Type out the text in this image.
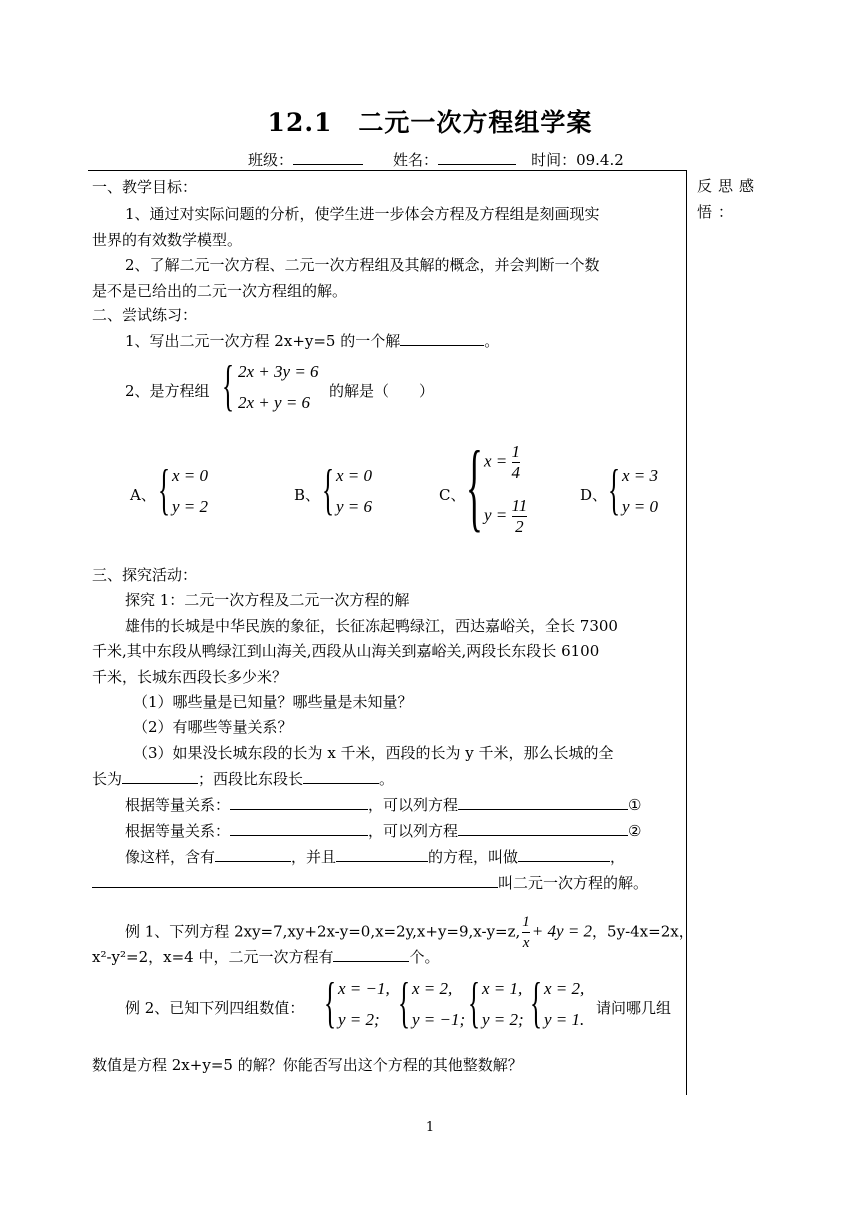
12.1　二元一次方程组学案
班级：　　	姓名：　	时间：09.4.2
反思感悟：
一、教学目标：
1、通过对实际问题的分析，使学生进一步体会方程及方程组是刻画现实
世界的有效数学模型。
2、了解二元一次方程、二元一次方程组及其解的概念，并会判断一个数
是不是已给出的二元一次方程组的解。
二、尝试练习：
1、写出二元一次方程 2x+y=5 的一个解	。
2、是方程组 { 2x + 3y = 6
2x + y = 6
的解是（　　）
A、 { x = 0
y = 2
B、 { x = 0
y = 6
C、 { $x = \frac{1}{4}$
$y = \frac{11}{2}$
D、 { x = 3
y = 0
三、探究活动：
探究 1：二元一次方程及二元一次方程的解
雄伟的长城是中华民族的象征，长征冻起鸭绿江，西达嘉峪关，全长 7300
千米,其中东段从鸭绿江到山海关,西段从山海关到嘉峪关,两段长东段长 6100
千米，长城东西段长多少米？
（1）哪些量是已知量？哪些量是未知量？
（2）有哪些等量关系？
（3）如果没长城东段的长为 x 千米，西段的长为 y 千米，那么长城的全
长为	；西段比东段长	。
根据等量关系：	，可以列方程	①
根据等量关系：	，可以列方程	②
像这样，含有	，并且	的方程，叫做	，
叫二元一次方程的解。
例 1、下列方程 2xy=7,xy+2x-y=0,x=2y,x+y=9,x-y=z, $\frac{1}{x} + 4y = 2$，5y-4x=2x，
x²-y²=2，x=4 中，二元一次方程有	个。
例 2、已知下列四组数值： { x = −1,
y = 2; { x = 2,
y = −1; { x = 1,
y = 2; { x = 2,
y = 1.
请问哪几组
数值是方程 2x+y=5 的解？你能否写出这个方程的其他整数解？
1
